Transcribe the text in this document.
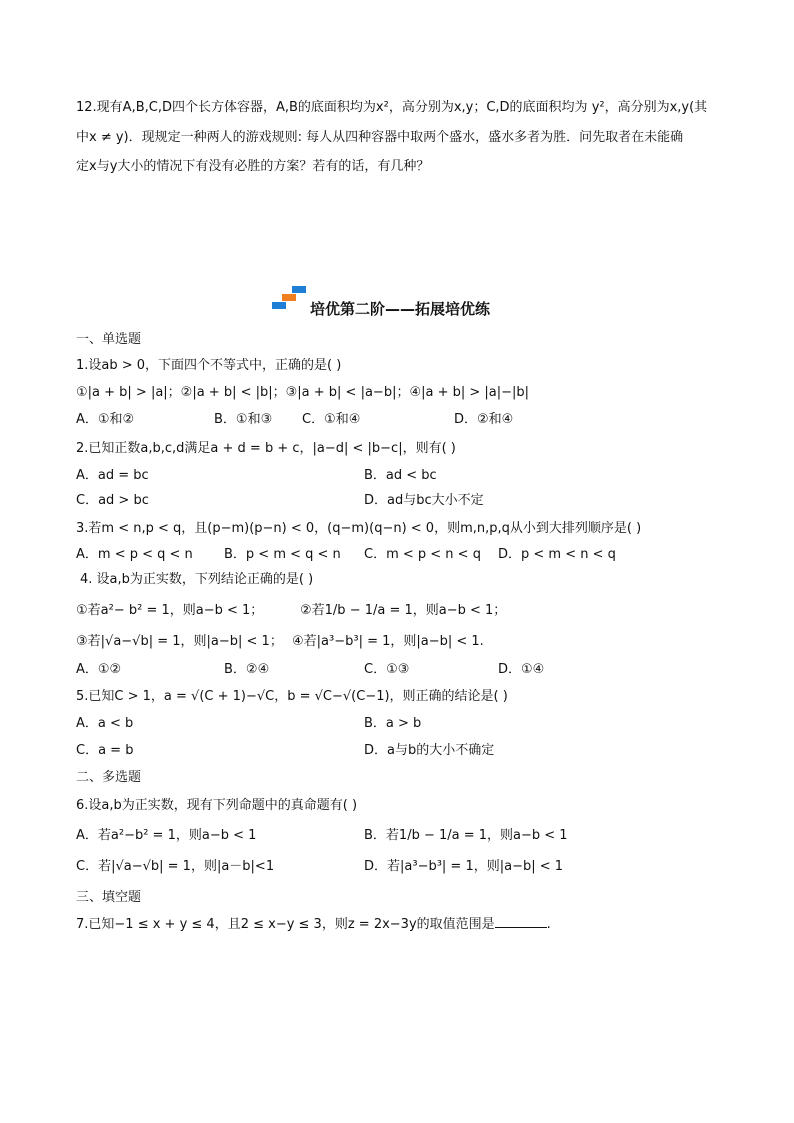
12.现有A,B,C,D四个长方体容器，A,B的底面积均为x²，高分别为x,y；C,D的底面积均为 y²，高分别为x,y(其
中x ≠ y)．现规定一种两人的游戏规则: 每人从四种容器中取两个盛水，盛水多者为胜．问先取者在未能确
定x与y大小的情况下有没有必胜的方案？若有的话，有几种？
培优第二阶——拓展培优练
一、单选题
1.设ab > 0，下面四个不等式中，正确的是( )
①|a + b| > |a|；②|a + b| < |b|；③|a + b| < |a−b|；④|a + b| > |a|−|b|
A．①和②	B．①和③ C．①和④	D．②和④
2.已知正数a,b,c,d满足a + d = b + c，|a−d| < |b−c|，则有( )
A．ad = bc	B．ad < bc
C．ad > bc	D．ad与bc大小不定
3.若m < n,p < q，且(p−m)(p−n) < 0，(q−m)(q−n) < 0，则m,n,p,q从小到大排列顺序是( )
A．m < p < q < n B．p < m < q < n C．m < p < n < q D．p < m < n < q
4. 设a,b为正实数，下列结论正确的是( )
①若a²− b² = 1，则a−b < 1；	②若1/b − 1/a = 1，则a−b < 1；
③若|√a−√b| = 1，则|a−b| < 1； ④若|a³−b³| = 1，则|a−b| < 1.
A．①②	B．②④	C．①③	D．①④
5.已知C > 1，a = √(C + 1)−√C，b = √C−√(C−1)，则正确的结论是( )
A．a < b	B．a > b
C．a = b	D．a与b的大小不确定
二、多选题
6.设a,b为正实数，现有下列命题中的真命题有( )
A．若a²−b² = 1，则a−b < 1	B．若1/b − 1/a = 1，则a−b < 1
C．若|√a−√b| = 1，则|a－b|<1	D．若|a³−b³| = 1，则|a−b| < 1
三、填空题
7.已知−1 ≤ x + y ≤ 4，且2 ≤ x−y ≤ 3，则z = 2x−3y的取值范围是	.
